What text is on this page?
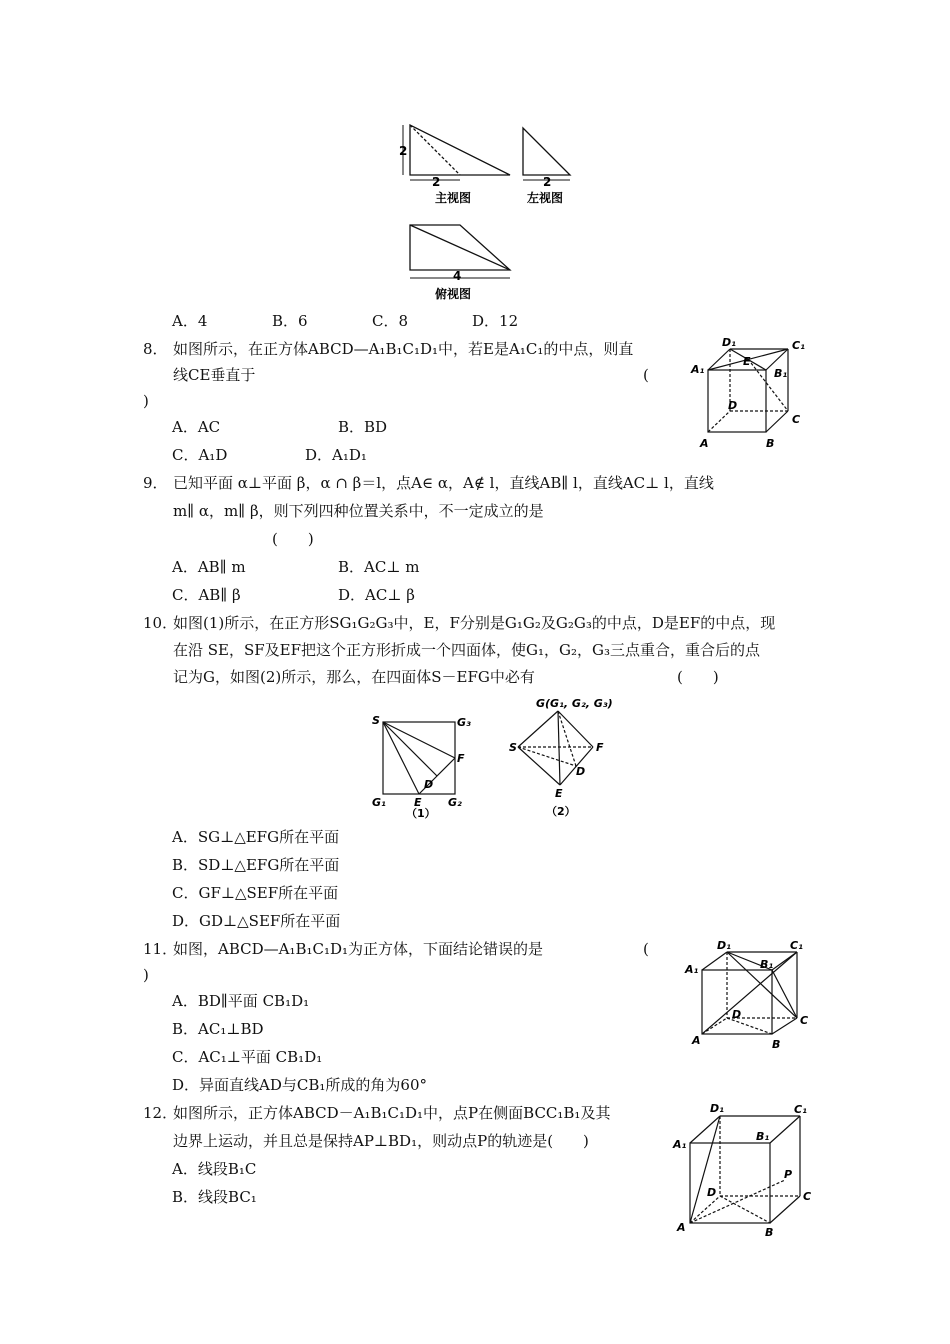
2
2
主视图
2
左视图
4
俯视图
A．4	B．6	C．8	D．12
8． 如图所示，在正方体ABCD—A₁B₁C₁D₁中，若E是A₁C₁的中点，则直
线CE垂直于	(
)
A．AC	B．BD
C．A₁D	D．A₁D₁
D₁	C₁
A₁	B₁
E
D
C
A	B
9． 已知平面 α⊥平面 β，α ∩ β＝l，点A∈ α，A∉ l，直线AB∥ l，直线AC⊥ l，直线
m∥ α，m∥ β，则下列四种位置关系中，不一定成立的是
(　　)
A．AB∥ m	B．AC⊥ m
C．AB∥ β	D．AC⊥ β
10．
如图(1)所示，在正方形SG₁G₂G₃中，E，F分别是G₁G₂及G₂G₃的中点，D是EF的中点，现
在沿 SE，SF及EF把这个正方形折成一个四面体，使G₁，G₂，G₃三点重合，重合后的点
记为G，如图(2)所示，那么，在四面体S－EFG中必有	(　　)
S	G₃
F
D
G₁	E G₂
（1）
G(G₁, G₂, G₃)
S	F
D
E
（2）
A．SG⊥△EFG所在平面
B．SD⊥△EFG所在平面
C．GF⊥△SEF所在平面
D．GD⊥△SEF所在平面
11．
如图，ABCD—A₁B₁C₁D₁为正方体，下面结论错误的是	(
)
A．BD∥平面 CB₁D₁
B．AC₁⊥BD
C．AC₁⊥平面 CB₁D₁
D．异面直线AD与CB₁所成的角为60°
D₁	C₁
A₁	B₁
D	C
A	B
12．
如图所示，正方体ABCD－A₁B₁C₁D₁中，点P在侧面BCC₁B₁及其
边界上运动，并且总是保持AP⊥BD₁，则动点P的轨迹是(　　)
A．线段B₁C
B．线段BC₁
D₁	C₁
A₁
B₁
P
D	C
A	B
